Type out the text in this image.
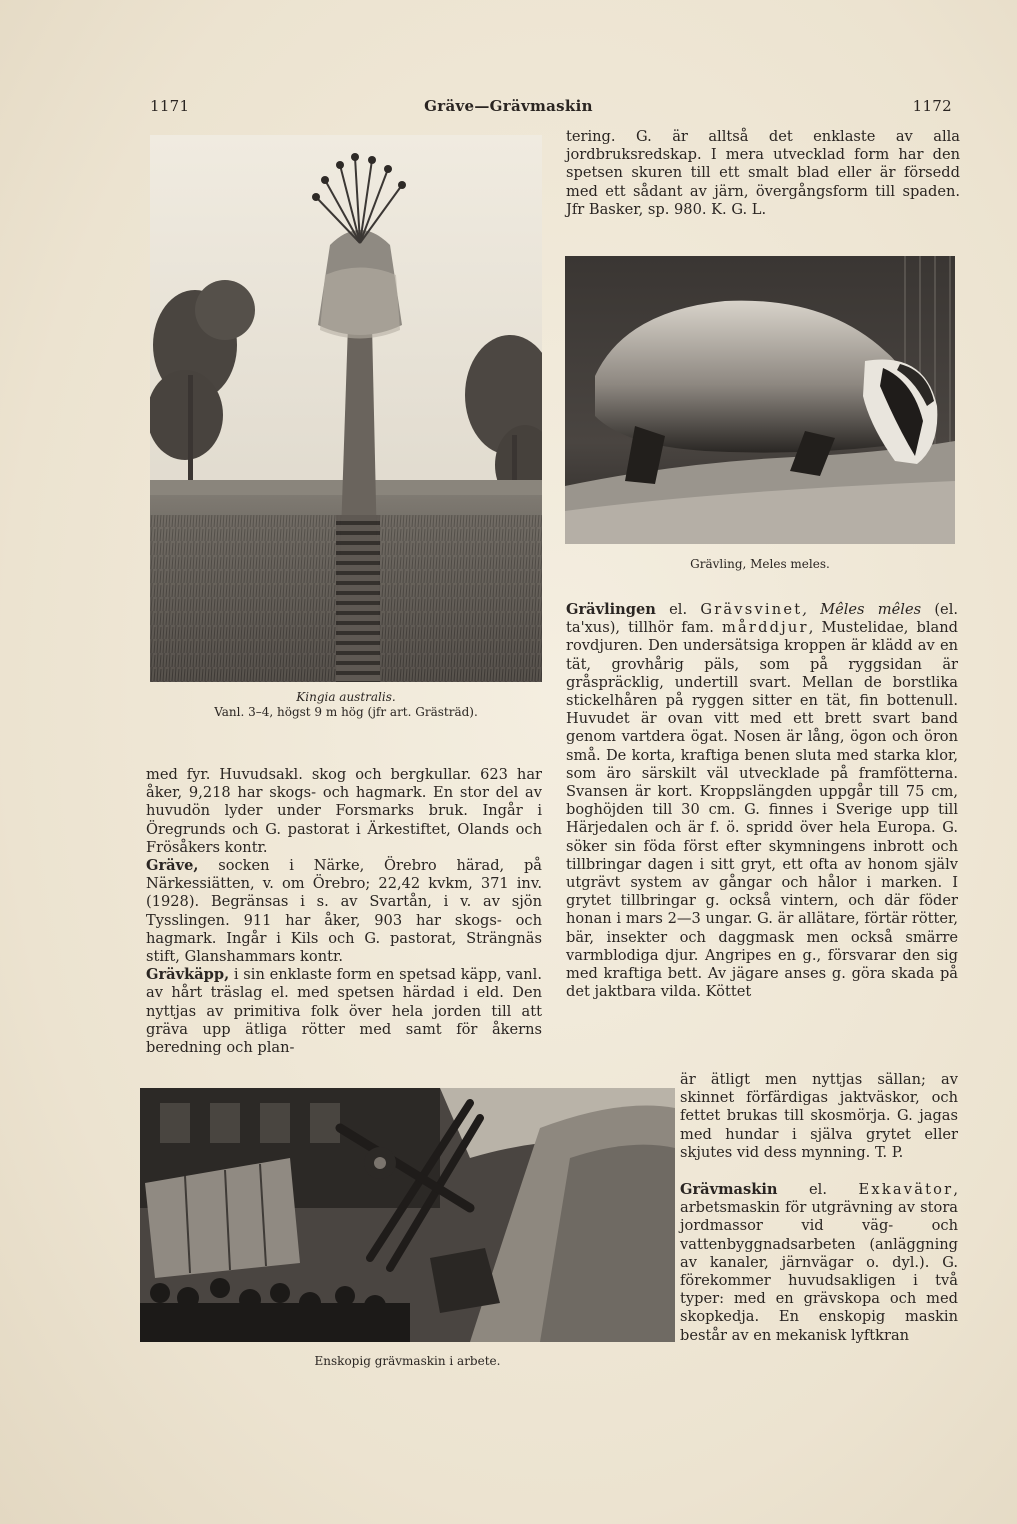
1171	Gräve—Grävmaskin	1172
Kingia australis.
Vanl. 3–4, högst 9 m hög (jfr art. Grästräd).

med fyr. Huvudsakl. skog och bergkullar. 623 har åker, 9,218 har skogs- och hagmark. En stor del av huvudön lyder under Forsmarks bruk. Ingår i Öregrunds och G. pastorat i Ärkestiftet, Olands och Frösåkers kontr.

Gräve, socken i Närke, Örebro härad, på Närkessiätten, v. om Örebro; 22,42 kvkm, 371 inv. (1928). Begränsas i s. av Svartån, i v. av sjön Tysslingen. 911 har åker, 903 har skogs- och hagmark. Ingår i Kils och G. pastorat, Strängnäs stift, Glanshammars kontr.

Grävkäpp, i sin enklaste form en spetsad käpp, vanl. av hårt träslag el. med spetsen härdad i eld. Den nyttjas av primitiva folk över hela jorden till att gräva upp ätliga rötter med samt för åkerns beredning och plan-

tering. G. är alltså det enklaste av alla jordbruksredskap. I mera utvecklad form har den spetsen skuren till ett smalt blad eller är försedd med ett sådant av järn, övergångsform till spaden. Jfr Basker, sp. 980. K. G. L.
Grävling, Meles meles.
Grävlingen el. Grävsvinet, Mêles mêles (el. ta'xus), tillhör fam. mårddjur, Mustelidae, bland rovdjuren. Den undersätsiga kroppen är klädd av en tät, grovhårig päls, som på ryggsidan är gråspräcklig, undertill svart. Mellan de borstlika stickelhåren på ryggen sitter en tät, fin bottenull. Huvudet är ovan vitt med ett brett svart band genom vartdera ögat. Nosen är lång, ögon och öron små. De korta, kraftiga benen sluta med starka klor, som äro särskilt väl utvecklade på framfötterna. Svansen är kort. Kroppslängden uppgår till 75 cm, boghöjden till 30 cm. G. finnes i Sverige upp till Härjedalen och är f. ö. spridd över hela Europa. G. söker sin föda först efter skymningens inbrott och tillbringar dagen i sitt gryt, ett ofta av honom själv utgrävt system av gångar och hålor i marken. I grytet tillbringar g. också vintern, och där föder honan i mars 2—3 ungar. G. är allätare, förtär rötter, bär, insekter och daggmask men också smärre varmblodiga djur. Angripes en g., försvarar den sig med kraftiga bett. Av jägare anses g. göra skada på det jaktbara vilda. Köttet
Enskopig grävmaskin i arbete.
är ätligt men nyttjas sällan; av skinnet förfärdigas jaktväskor, och fettet brukas till skosmörja. G. jagas med hundar i själva grytet eller skjutes vid dess mynning. T. P.
Grävmaskin el. Exkavätor, arbetsmaskin för utgrävning av stora jordmassor vid väg- och vattenbyggnadsarbeten (anläggning av kanaler, järnvägar o. dyl.). G. förekommer huvudsakligen i två typer: med en grävskopa och med skopkedja. En enskopig maskin består av en mekanisk lyftkran
